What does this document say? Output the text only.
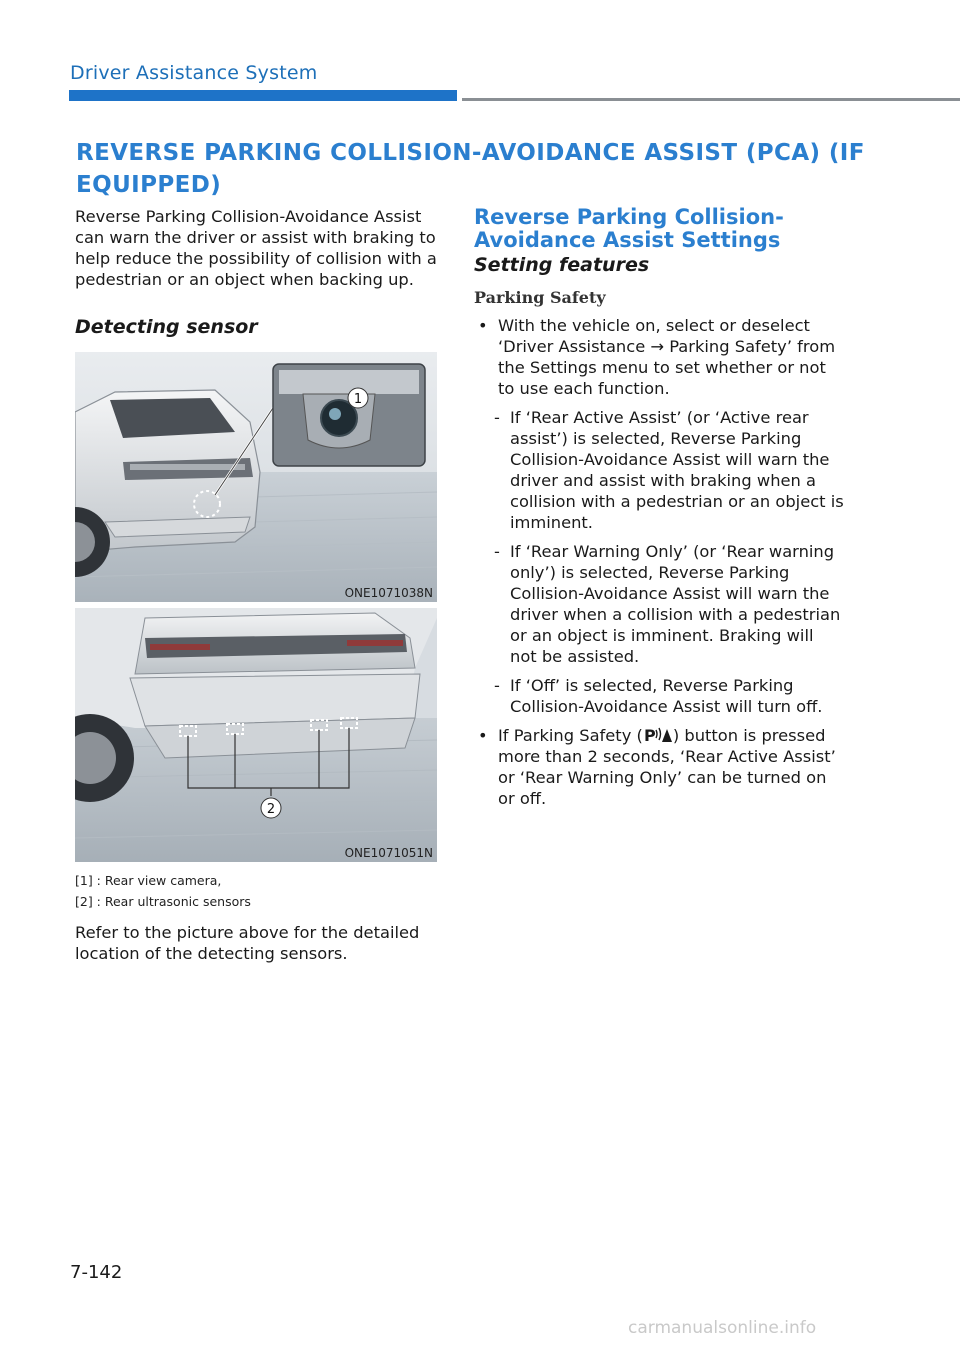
Driver Assistance System
REVERSE PARKING COLLISION-AVOIDANCE ASSIST (PCA) (IF EQUIPPED)

Reverse Parking Collision-Avoidance Assist can warn the driver or assist with braking to help reduce the possibility of collision with a pedestrian or an object when backing up.

Detecting sensor

1
ONE1071038N
2
ONE1071051N
[1] : Rear view camera,
[2] : Rear ultrasonic sensors

Refer to the picture above for the detailed location of the detecting sensors.

Reverse Parking Collision-Avoidance Assist Settings

Setting features

Parking Safety

• With the vehicle on, select or deselect ‘Driver Assistance → Parking Safety’ from the Settings menu to set whether or not to use each function.
- If ‘Rear Active Assist’ (or ‘Active rear assist’) is selected, Reverse Parking Collision-Avoidance Assist will warn the driver and assist with braking when a collision with a pedestrian or an object is imminent.
- If ‘Rear Warning Only’ (or ‘Rear warning only’) is selected, Reverse Parking Collision-Avoidance Assist will warn the driver when a collision with a pedestrian or an object is imminent. Braking will not be assisted.
- If ‘Off’ is selected, Reverse Parking Collision-Avoidance Assist will turn off.
• If Parking Safety ( P ) button is pressed more than 2 seconds, ‘Rear Active Assist’ or ‘Rear Warning Only’ can be turned on or off.
7-142
carmanualsonline.info
